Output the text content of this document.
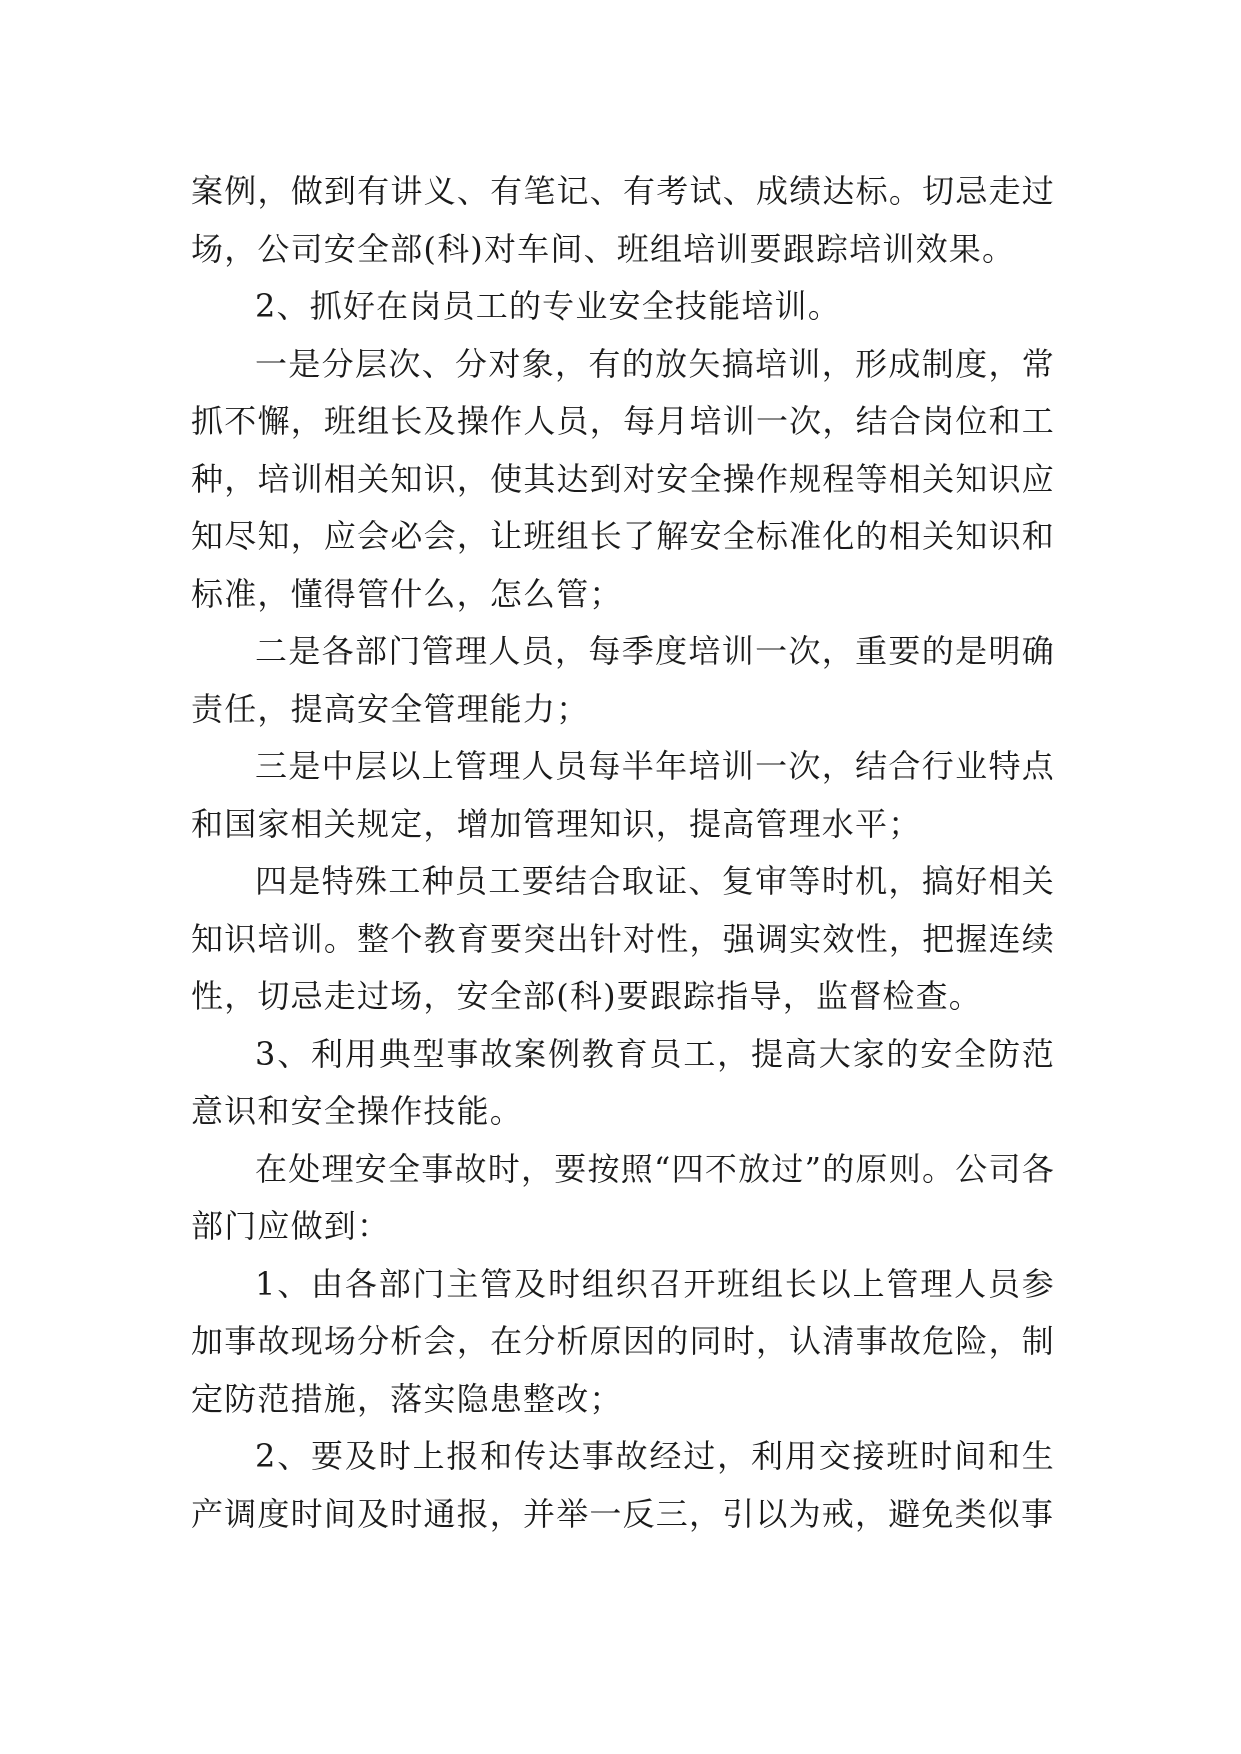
案例，做到有讲义、有笔记、有考试、成绩达标。切忌走过场，公司安全部(科)对车间、班组培训要跟踪培训效果。

2、抓好在岗员工的专业安全技能培训。

一是分层次、分对象，有的放矢搞培训，形成制度，常抓不懈，班组长及操作人员，每月培训一次，结合岗位和工种，培训相关知识，使其达到对安全操作规程等相关知识应知尽知，应会必会，让班组长了解安全标准化的相关知识和标准，懂得管什么，怎么管；

二是各部门管理人员，每季度培训一次，重要的是明确责任，提高安全管理能力；

三是中层以上管理人员每半年培训一次，结合行业特点和国家相关规定，增加管理知识，提高管理水平；

四是特殊工种员工要结合取证、复审等时机，搞好相关知识培训。整个教育要突出针对性，强调实效性，把握连续性，切忌走过场，安全部(科)要跟踪指导，监督检查。

3、利用典型事故案例教育员工，提高大家的安全防范意识和安全操作技能。

在处理安全事故时，要按照“四不放过”的原则。公司各部门应做到：

1、由各部门主管及时组织召开班组长以上管理人员参加事故现场分析会，在分析原因的同时，认清事故危险，制定防范措施，落实隐患整改；

2、要及时上报和传达事故经过，利用交接班时间和生产调度时间及时通报，并举一反三，引以为戒，避免类似事
